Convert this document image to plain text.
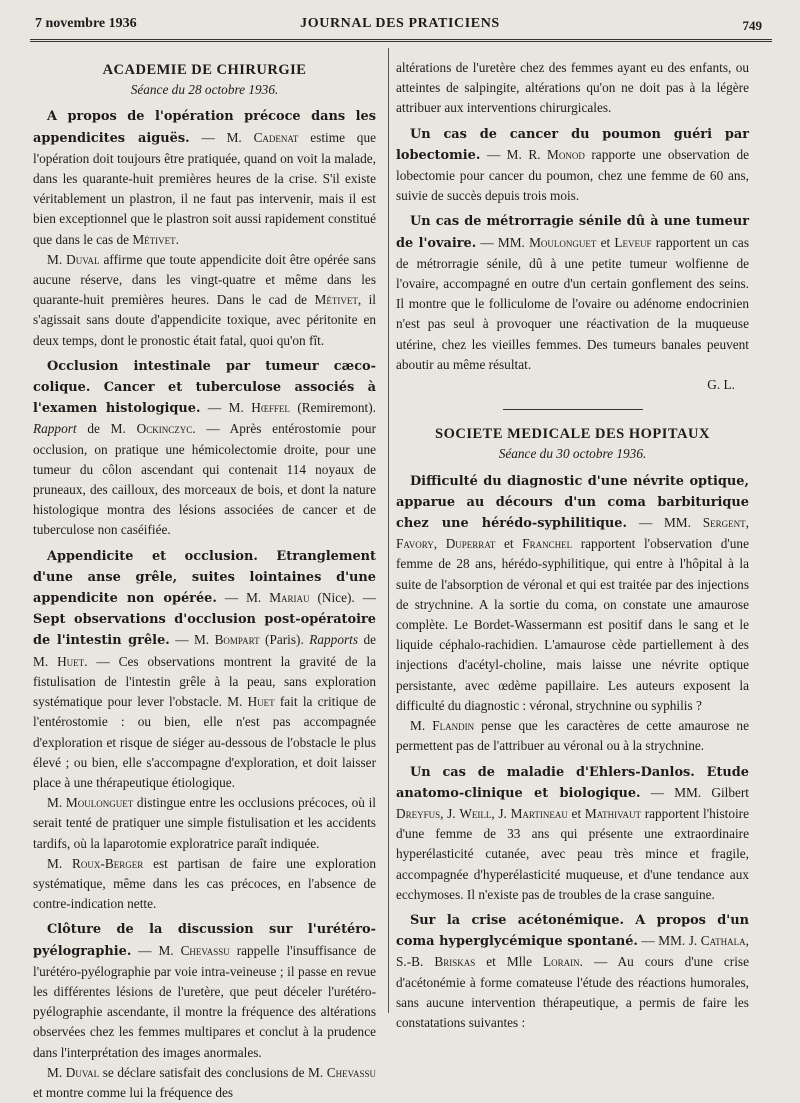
7 novembre 1936	JOURNAL DES PRATICIENS	749

ACADEMIE DE CHIRURGIE

Séance du 28 octobre 1936.

A propos de l'opération précoce dans les appendicites aiguës. — M. Cadenat estime que l'opération doit toujours être pratiquée, quand on voit la malade, dans les quarante-huit premières heures de la crise. S'il existe véritablement un plastron, il ne faut pas intervenir, mais il est bien exceptionnel que le plastron soit aussi rapidement constitué que dans le cas de Métivet.

M. Duval affirme que toute appendicite doit être opérée sans aucune réserve, dans les vingt-quatre et même dans les quarante-huit premières heures. Dans le cad de Métivet, il s'agissait sans doute d'appendicite toxique, avec péritonite en deux temps, dont le pronostic était fatal, quoi qu'on fît.

Occlusion intestinale par tumeur cæco-colique. Cancer et tuberculose associés à l'examen histologique. — M. Hœffel (Remiremont). Rapport de M. Ockinczyc. — Après entérostomie pour occlusion, on pratique une hémicolectomie droite, pour une tumeur du côlon ascendant qui contenait 114 noyaux de pruneaux, des cailloux, des morceaux de bois, et dont la nature histologique montra des lésions associées de cancer et de tuberculose non caséifiée.

Appendicite et occlusion. Etranglement d'une anse grêle, suites lointaines d'une appendicite non opérée. — M. Mariau (Nice). — Sept observations d'occlusion post-opératoire de l'intestin grêle. — M. Bompart (Paris). Rapports de M. Huet. — Ces observations montrent la gravité de la fistulisation de l'intestin grêle à la peau, sans exploration systématique pour lever l'obstacle. M. Huet fait la critique de l'entérostomie : ou bien, elle n'est pas accompagnée d'exploration et risque de siéger au-dessous de l'obstacle le plus élevé ; ou bien, elle s'accompagne d'exploration, et doit laisser place à une thérapeutique étiologique.

M. Moulonguet distingue entre les occlusions précoces, où il serait tenté de pratiquer une simple fistulisation et les accidents tardifs, où la laparotomie exploratrice paraît indiquée.

M. Roux-Berger est partisan de faire une exploration systématique, même dans les cas précoces, en l'absence de contre-indication nette.

Clôture de la discussion sur l'urétéro-pyélographie. — M. Chevassu rappelle l'insuffisance de l'urétéro-pyélographie par voie intra-veineuse ; il passe en revue les différentes lésions de l'uretère, que peut déceler l'urétéro-pyélographie ascendante, il montre la fréquence des altérations observées chez les femmes multipares et conclut à la prudence dans l'interprétation des images anormales.

M. Duval se déclare satisfait des conclusions de M. Chevassu et montre comme lui la fréquence des

altérations de l'uretère chez des femmes ayant eu des enfants, ou atteintes de salpingite, altérations qu'on ne doit pas à la légère attribuer aux interventions chirurgicales.

Un cas de cancer du poumon guéri par lobectomie. — M. R. Monod rapporte une observation de lobectomie pour cancer du poumon, chez une femme de 60 ans, suivie de succès depuis trois mois.

Un cas de métrorragie sénile dû à une tumeur de l'ovaire. — MM. Moulonguet et Leveuf rapportent un cas de métrorragie sénile, dû à une petite tumeur wolfienne de l'ovaire, accompagné en outre d'un certain gonflement des seins. Il montre que le folliculome de l'ovaire ou adénome endocrinien n'est pas seul à provoquer une réactivation de la muqueuse utérine, chez les vieilles femmes. Des tumeurs banales peuvent aboutir au même résultat.

G. L.

SOCIETE MEDICALE DES HOPITAUX

Séance du 30 octobre 1936.

Difficulté du diagnostic d'une névrite optique, apparue au décours d'un coma barbiturique chez une hérédo-syphilitique. — MM. Sergent, Favory, Duperrat et Franchel rapportent l'observation d'une femme de 28 ans, hérédo-syphilitique, qui entre à l'hôpital à la suite de l'absorption de véronal et qui est traitée par des injections de strychnine. A la sortie du coma, on constate une amaurose complète. Le Bordet-Wassermann est positif dans le sang et le liquide céphalo-rachidien. L'amaurose cède partiellement à des injections d'acétyl-choline, mais laisse une névrite optique persistante, avec œdème papillaire. Les auteurs exposent la difficulté du diagnostic : véronal, strychnine ou syphilis ?

M. Flandin pense que les caractères de cette amaurose ne permettent pas de l'attribuer au véronal ou à la strychnine.

Un cas de maladie d'Ehlers-Danlos. Etude anatomo-clinique et biologique. — MM. Gilbert Dreyfus, J. Weill, J. Martineau et Mathivaut rapportent l'histoire d'une femme de 33 ans qui présente une extraordinaire hyperélasticité cutanée, avec peau très mince et fragile, accompagnée d'hyperélasticité muqueuse, et d'une tendance aux ecchymoses. Il n'existe pas de troubles de la crase sanguine.

Sur la crise acétonémique. A propos d'un coma hyperglycémique spontané. — MM. J. Cathala, S.-B. Briskas et Mlle Lorain. — Au cours d'une crise d'acétonémie à forme comateuse l'étude des réactions humorales, sans aucune intervention thérapeutique, a permis de faire les constatations suivantes :
